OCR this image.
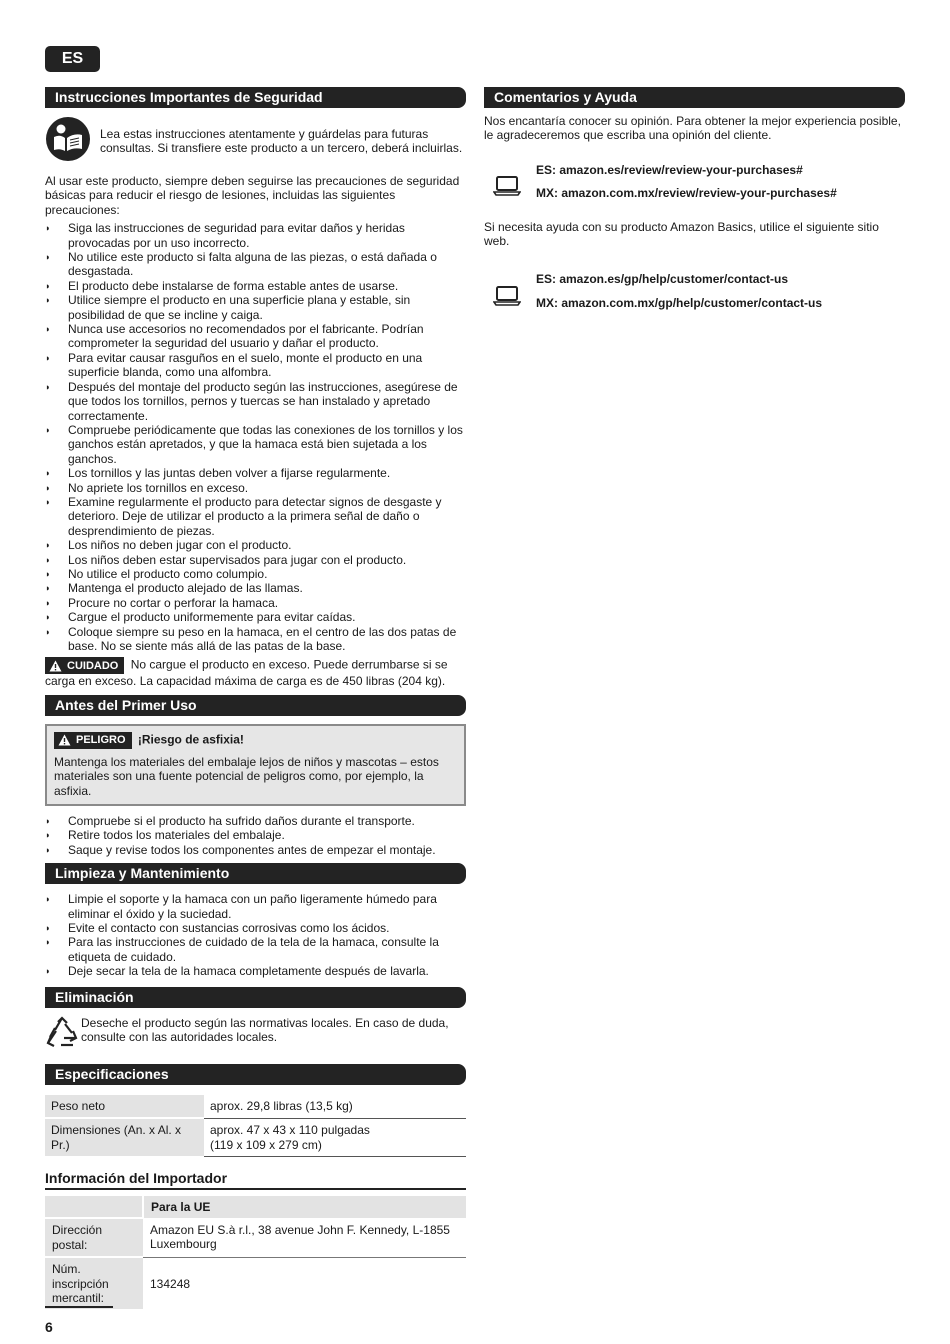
ES
Instrucciones Importantes de Seguridad

Lea estas instrucciones atentamente y guárdelas para futuras consultas. Si transfiere este producto a un tercero, deberá incluirlas.

Al usar este producto, siempre deben seguirse las precauciones de seguridad básicas para reducir el riesgo de lesiones, incluidas las siguientes precauciones:

◗ Siga las instrucciones de seguridad para evitar daños y heridas provocadas por un uso incorrecto.
◗ No utilice este producto si falta alguna de las piezas, o está dañada o desgastada.
◗ El producto debe instalarse de forma estable antes de usarse.
◗ Utilice siempre el producto en una superficie plana y estable, sin posibilidad de que se incline y caiga.
◗ Nunca use accesorios no recomendados por el fabricante. Podrían comprometer la seguridad del usuario y dañar el producto.
◗ Para evitar causar rasguños en el suelo, monte el producto en una superficie blanda, como una alfombra.
◗ Después del montaje del producto según las instrucciones, asegúrese de que todos los tornillos, pernos y tuercas se han instalado y apretado correctamente.
◗ Compruebe periódicamente que todas las conexiones de los tornillos y los ganchos están apretados, y que la hamaca está bien sujetada a los ganchos.
◗ Los tornillos y las juntas deben volver a fijarse regularmente.
◗ No apriete los tornillos en exceso.
◗ Examine regularmente el producto para detectar signos de desgaste y deterioro. Deje de utilizar el producto a la primera señal de daño o desprendimiento de piezas.
◗ Los niños no deben jugar con el producto.
◗ Los niños deben estar supervisados para jugar con el producto.
◗ No utilice el producto como columpio.
◗ Mantenga el producto alejado de las llamas.
◗ Procure no cortar o perforar la hamaca.
◗ Cargue el producto uniformemente para evitar caídas.
◗ Coloque siempre su peso en la hamaca, en el centro de las dos patas de base. No se siente más allá de las patas de la base.

CUIDADO No cargue el producto en exceso. Puede derrumbarse si se carga en exceso. La capacidad máxima de carga es de 450 libras (204 kg).

Antes del Primer Uso
PELIGRO ¡Riesgo de asfixia!

Mantenga los materiales del embalaje lejos de niños y mascotas – estos materiales son una fuente potencial de peligros como, por ejemplo, la asfixia.

◗ Compruebe si el producto ha sufrido daños durante el transporte.
◗ Retire todos los materiales del embalaje.
◗ Saque y revise todos los componentes antes de empezar el montaje.
Limpieza y Mantenimiento
◗ Limpie el soporte y la hamaca con un paño ligeramente húmedo para eliminar el óxido y la suciedad.
◗ Evite el contacto con sustancias corrosivas como los ácidos.
◗ Para las instrucciones de cuidado de la tela de la hamaca, consulte la etiqueta de cuidado.
◗ Deje secar la tela de la hamaca completamente después de lavarla.
Eliminación

Deseche el producto según las normativas locales. En caso de duda, consulte con las autoridades locales.

Especificaciones
Peso neto	aprox. 29,8 libras (13,5 kg)
Dimensiones (An. x Al. x Pr.)	aprox. 47 x 43 x 110 pulgadas
(119 x 109 x 279 cm)
Información del Importador
	Para la UE
Dirección postal:	Amazon EU S.à r.l., 38 avenue John F. Kennedy, L-1855 Luxembourg
Núm. inscripción mercantil:	134248
Comentarios y Ayuda

Nos encantaría conocer su opinión. Para obtener la mejor experiencia posible, le agradeceremos que escriba una opinión del cliente.

ES: amazon.es/review/review-your-purchases#
MX: amazon.com.mx/review/review-your-purchases#

Si necesita ayuda con su producto Amazon Basics, utilice el siguiente sitio web.

ES: amazon.es/gp/help/customer/contact-us
MX: amazon.com.mx/gp/help/customer/contact-us
6
